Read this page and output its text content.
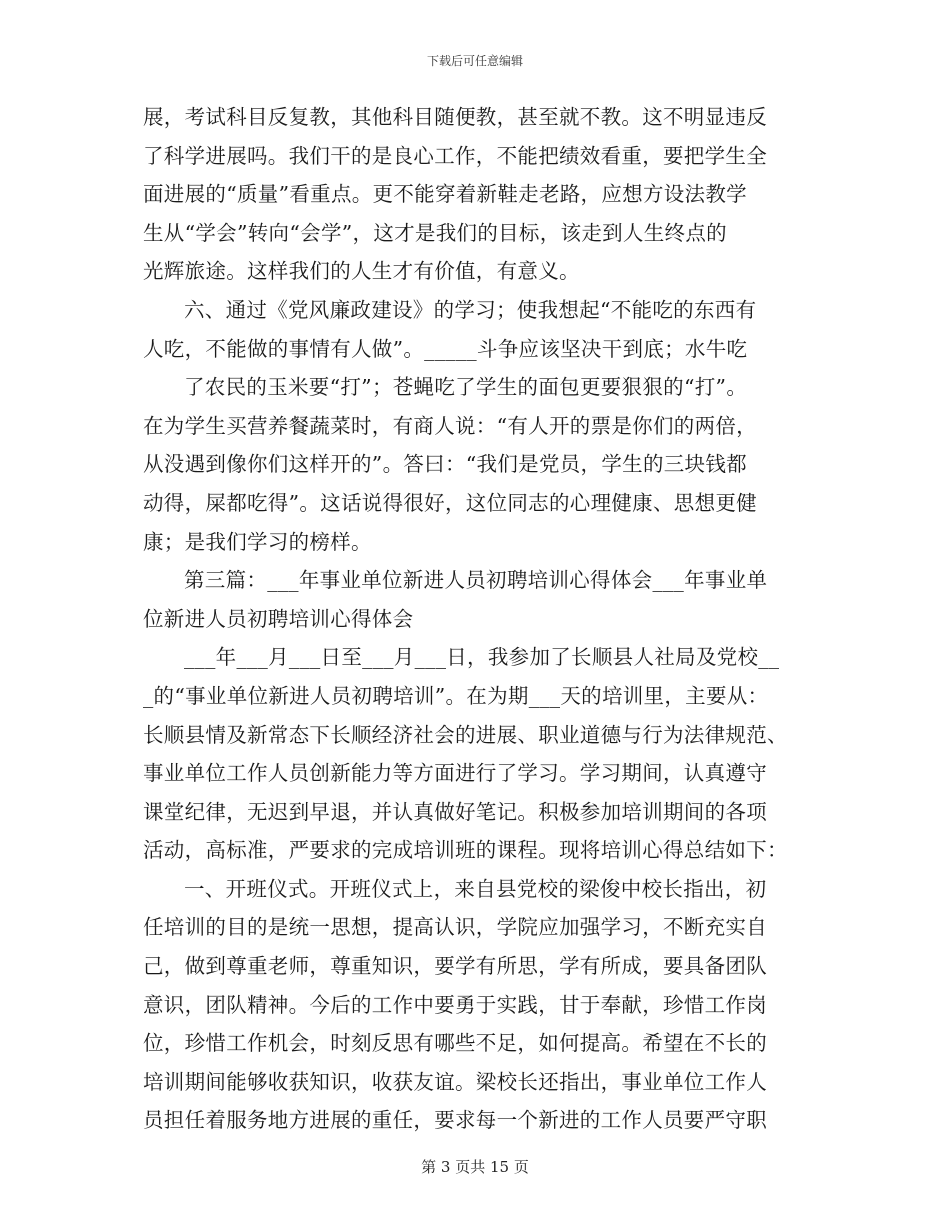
下载后可任意编辑
展，考试科目反复教，其他科目随便教，甚至就不教。这不明显违反
了科学进展吗。我们干的是良心工作，不能把绩效看重，要把学生全
面进展的“质量”看重点。更不能穿着新鞋走老路，应想方设法教学
生从“学会”转向“会学”，这才是我们的目标，该走到人生终点的
光辉旅途。这样我们的人生才有价值，有意义。
六、通过《党风廉政建设》的学习；使我想起“不能吃的东西有
人吃，不能做的事情有人做”。_____斗争应该坚决干到底；水牛吃
了农民的玉米要“打”；苍蝇吃了学生的面包更要狠狠的“打”。
在为学生买营养餐蔬菜时，有商人说：“有人开的票是你们的两倍，
从没遇到像你们这样开的”。答曰：“我们是党员，学生的三块钱都
动得，屎都吃得”。这话说得很好，这位同志的心理健康、思想更健
康；是我们学习的榜样。
第三篇：___年事业单位新进人员初聘培训心得体会___年事业单
位新进人员初聘培训心得体会
___年___月___日至___月___日，我参加了长顺县人社局及党校__
_的“事业单位新进人员初聘培训”。在为期___天的培训里，主要从：
长顺县情及新常态下长顺经济社会的进展、职业道德与行为法律规范、
事业单位工作人员创新能力等方面进行了学习。学习期间，认真遵守
课堂纪律，无迟到早退，并认真做好笔记。积极参加培训期间的各项
活动，高标准，严要求的完成培训班的课程。现将培训心得总结如下：
一、开班仪式。开班仪式上，来自县党校的梁俊中校长指出，初
任培训的目的是统一思想，提高认识，学院应加强学习，不断充实自
己，做到尊重老师，尊重知识，要学有所思，学有所成，要具备团队
意识，团队精神。今后的工作中要勇于实践，甘于奉献，珍惜工作岗
位，珍惜工作机会，时刻反思有哪些不足，如何提高。希望在不长的
培训期间能够收获知识，收获友谊。梁校长还指出，事业单位工作人
员担任着服务地方进展的重任，要求每一个新进的工作人员要严守职
第 3 页共 15 页
